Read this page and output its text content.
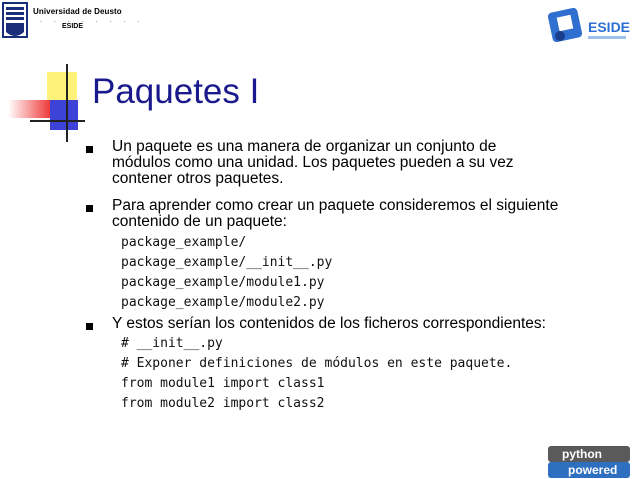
Universidad de Deusto
. . . . . . . .
ESIDE	ESIDE
Paquetes I
Un paquete es una manera de organizar un conjunto de
módulos como una unidad. Los paquetes pueden a su vez
contener otros paquetes.
Para aprender como crear un paquete consideremos el siguiente
contenido de un paquete:
package_example/
package_example/__init__.py
package_example/module1.py
package_example/module2.py
Y estos serían los contenidos de los ficheros correspondientes:
# __init__.py
# Exponer definiciones de módulos en este paquete.
from module1 import class1
from module2 import class2
python
powered
